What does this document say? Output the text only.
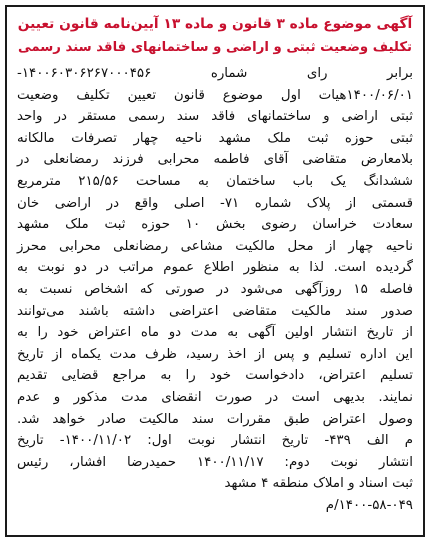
آگهی موضوع ماده ۳ قانون و ماده ۱۳ آیین‌نامه قانون تعیین
تکلیف وضعیت ثبتی و اراضی و ساختمانهای فاقد سند رسمی
برابر رای شماره ۱۴۰۰۶۰۳۰۶۲۶۷۰۰۰۴۵۶-
۱۴۰۰/۰۶/۰۱هیات اول موضوع قانون تعیین تکلیف وضعیت
ثبتی اراضی و ساختمانهای فاقد سند رسمی مستقر در واحد
ثبتی حوزه ثبت ملک مشهد ناحیه چهار تصرفات مالکانه
بلامعارض متقاضی آقای فاطمه محرابی فرزند رمضانعلی در
ششدانگ یک باب ساختمان به مساحت ۲۱۵/۵۶ مترمربع
قسمتی از پلاک شماره ۷۱- اصلی واقع در اراضی خان
سعادت خراسان رضوی بخش ۱۰ حوزه ثبت ملک مشهد
ناحیه چهار از محل مالکیت مشاعی رمضانعلی محرابی محرز
گردیده است. لذا به منظور اطلاع عموم مراتب در دو نوبت به
فاصله ۱۵ روزآگهی می‌شود در صورتی که اشخاص نسبت به
صدور سند مالکیت متقاضی اعتراضی داشته باشند می‌توانند
از تاریخ انتشار اولین آگهی به مدت دو ماه اعتراض خود را به
این اداره تسلیم و پس از اخذ رسید، ظرف مدت یکماه از تاریخ
تسلیم اعتراض، دادخواست خود را به مراجع قضایی تقدیم
نمایند. بدیهی است در صورت انقضای مدت مذکور و عدم
وصول اعتراض طبق مقررات سند مالکیت صادر خواهد شد.
م الف ۴۳۹- تاریخ انتشار نوبت اول: ۱۴۰۰/۱۱/۰۲- تاریخ
انتشار نوبت دوم: ۱۴۰۰/۱۱/۱۷ حمیدرضا افشار، رئیس
ثبت اسناد و املاک منطقه ۴ مشهد
۱۴۰۰-۵۸-۰۴۹/م
